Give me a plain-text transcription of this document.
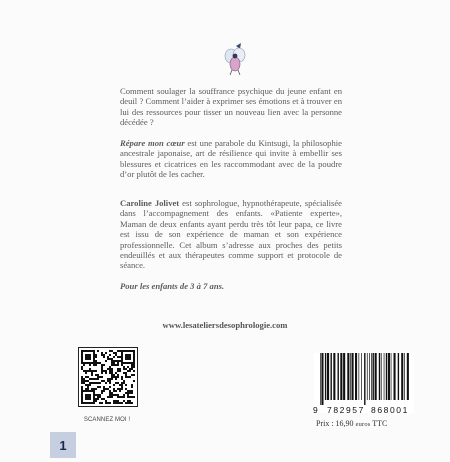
Comment soulager la souffrance psychique du jeune enfant en deuil ? Comment l’aider à exprimer ses émotions et à trouver en lui des ressources pour tisser un nouveau lien avec la personne décédée ?
Répare mon cœur est une parabole du Kintsugi, la philosophie ancestrale japonaise, art de résilience qui invite à embellir ses blessures et cicatrices en les raccommodant avec de la poudre d’or plutôt de les cacher.
Caroline Jolivet est sophrologue, hypnothérapeute, spécialisée dans l’accompagnement des enfants. «Patiente experte», Maman de deux enfants ayant perdu très tôt leur papa, ce livre est issu de son expérience de maman et son expérience professionnelle. Cet album s’adresse aux proches des petits endeuillés et aux thérapeutes comme support et protocole de séance.
Pour les enfants de 3 à 7 ans.
www.lesateliersdesophrologie.com
SCANNEZ MOI !
9 782957 868001
Prix : 16,90 euros TTC
1
